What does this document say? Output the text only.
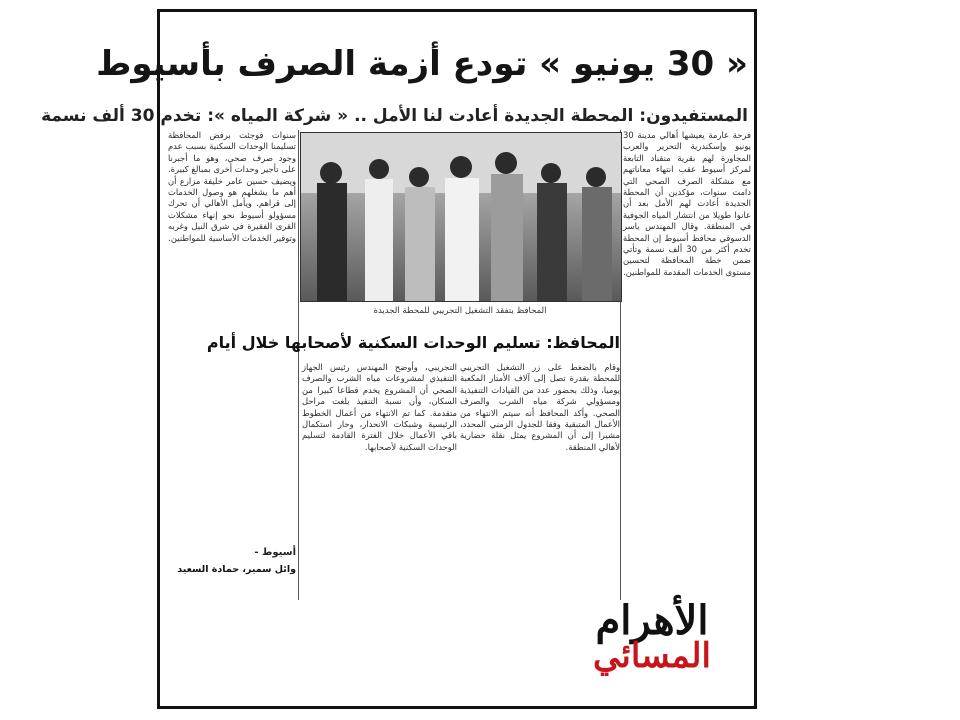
« 30 يونيو » تودع أزمة الصرف بأسيوط
المستفيدون: المحطة الجديدة أعادت لنا الأمل .. « شركة المياه »: تخدم 30 ألف نسمة
فرحة عارمة يعيشها أهالي مدينة 30 يونيو وإسكندرية التحرير والعرب المجاورة لهم بقرية منقباد التابعة لمركز أسيوط عقب انتهاء معاناتهم مع مشكلة الصرف الصحي التي دامت سنوات، مؤكدين أن المحطة الجديدة أعادت لهم الأمل بعد أن عانوا طويلا من انتشار المياه الجوفية في المنطقة. وقال المهندس ياسر الدسوقي محافظ أسيوط إن المحطة تخدم أكثر من 30 ألف نسمة وتأتي ضمن خطة المحافظة لتحسين مستوى الخدمات المقدمة للمواطنين.
المحافظ يتفقد التشغيل التجريبي للمحطة الجديدة
المحافظ: تسليم الوحدات السكنية لأصحابها خلال أيام
وقام بالضغط على زر التشغيل التجريبي للمحطة بقدرة تصل إلى آلاف الأمتار المكعبة يوميا، وذلك بحضور عدد من القيادات التنفيذية ومسؤولي شركة مياه الشرب والصرف الصحي. وأكد المحافظ أنه سيتم الانتهاء من الأعمال المتبقية وفقا للجدول الزمني المحدد، مشيرا إلى أن المشروع يمثل نقلة حضارية لأهالي المنطقة.
التجريبي، وأوضح المهندس رئيس الجهاز التنفيذي لمشروعات مياه الشرب والصرف الصحي أن المشروع يخدم قطاعا كبيرا من السكان، وأن نسبة التنفيذ بلغت مراحل متقدمة. كما تم الانتهاء من أعمال الخطوط الرئيسية وشبكات الانحدار، وجار استكمال باقي الأعمال خلال الفترة القادمة لتسليم الوحدات السكنية لأصحابها.
سنوات فوجئت برفض المحافظة تسليمنا الوحدات السكنية بسبب عدم وجود صرف صحي، وهو ما أجبرنا على تأجير وحدات أخرى بمبالغ كبيرة. ويضيف حسين عامر خليفة مزارع أن أهم ما يشغلهم هو وصول الخدمات إلى قراهم. ويأمل الأهالي أن تحرك مسؤولو أسيوط نحو إنهاء مشكلات القرى الفقيرة في شرق النيل وغربه وتوفير الخدمات الأساسية للمواطنين.
أسيوط -
وائل سمير، حمادة السعيد
الأهرام
المسائي
